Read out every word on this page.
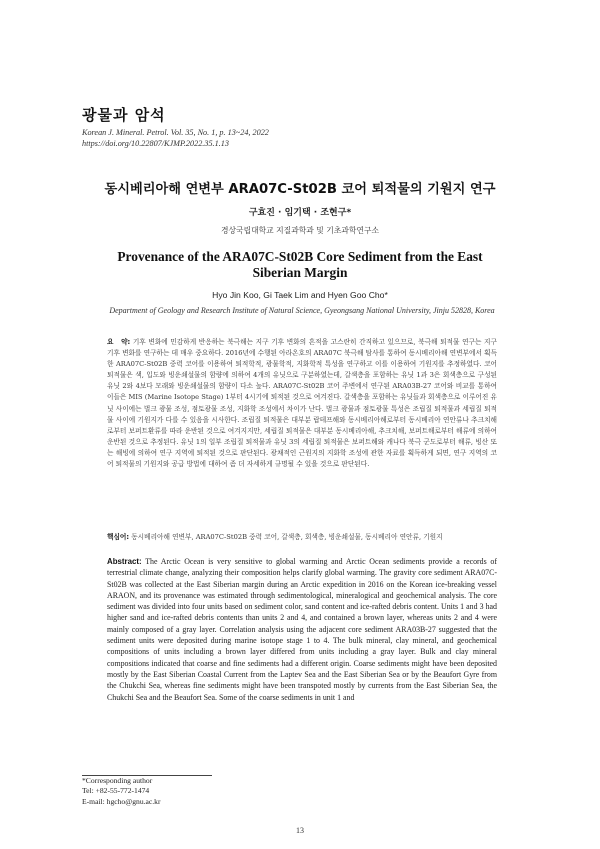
광물과 암석
Korean J. Mineral. Petrol. Vol. 35, No. 1, p. 13~24, 2022
https://doi.org/10.22807/KJMP.2022.35.1.13
동시베리아해 연변부 ARA07C-St02B 코어 퇴적물의 기원지 연구
구효진 · 임기택 · 조현구*
경상국립대학교 지질과학과 및 기초과학연구소
Provenance of the ARA07C-St02B Core Sediment from the East Siberian Margin
Hyo Jin Koo, Gi Taek Lim and Hyen Goo Cho*
Department of Geology and Research Institute of Natural Science, Gyeongsang National University, Jinju 52828, Korea
요　약: 기후 변화에 민감하게 반응하는 북극해는 지구 기후 변화의 흔적을 고스란히 간직하고 있으므로, 북극해 퇴적물 연구는 지구 기후 변화를 연구하는 데 매우 중요하다. 2016년에 수행된 아라온호의 ARA07C 북극해 탐사를 통하여 동시베리아해 연변부에서 획득한 ARA07C-St02B 중력 코어를 이용하여 퇴적학적, 광물학적, 지화학적 특성을 연구하고 이를 이용하여 기원지를 추정하였다. 코어 퇴적물은 색, 입도와 빙운쇄설물의 함량에 의하여 4개의 유닛으로 구분하였는데, 갈색층을 포함하는 유닛 1과 3은 회색층으로 구성된 유닛 2와 4보다 모래와 빙운쇄설물의 함량이 다소 높다. ARA07C-St02B 코어 주변에서 연구된 ARA03B-27 코어와 비교를 통하여 이들은 MIS (Marine Isotope Stage) 1부터 4시기에 퇴적된 것으로 여겨진다. 갈색층을 포함하는 유닛들과 회색층으로 이루어진 유닛 사이에는 벌크 광물 조성, 점토광물 조성, 지화학 조성에서 차이가 난다. 벌크 광물과 점토광물 특성은 조립질 퇴적물과 세립질 퇴적물 사이에 기원지가 다를 수 있음을 시사한다. 조립질 퇴적물은 대부분 랍테프해와 동시베리아해로부터 동시베리아 연안류나 추크치해로부터 보퍼트환류를 따라 운반된 것으로 여겨지지만, 세립질 퇴적물은 대부분 동시베리아해, 추크치해, 보퍼트해로부터 해류에 의하여 운반된 것으로 추정된다. 유닛 1의 일부 조립질 퇴적물과 유닛 3의 세립질 퇴적물은 보퍼트해와 캐나다 북극 군도로부터 해류, 빙산 또는 해빙에 의하여 연구 지역에 퇴적된 것으로 판단된다. 광채적인 근원지의 지화학 조성에 관한 자료를 획득하게 되면, 연구 지역의 코어 퇴적물의 기원지와 공급 방법에 대하여 좀 더 자세하게 규명될 수 있을 것으로 판단된다.
핵심어: 동시베리아해 연변부, ARA07C-St02B 중력 코어, 갈색층, 회색층, 빙운쇄설물, 동시베리아 연안류, 기원지
Abstract: The Arctic Ocean is very sensitive to global warming and Arctic Ocean sediments provide a records of terrestrial climate change, analyzing their composition helps clarify global warming. The gravity core sediment ARA07C-St02B was collected at the East Siberian margin during an Arctic expedition in 2016 on the Korean ice-breaking vessel ARAON, and its provenance was estimated through sedimentological, mineralogical and geochemical analysis. The core sediment was divided into four units based on sediment color, sand content and ice-rafted debris content. Units 1 and 3 had higher sand and ice-rafted debris contents than units 2 and 4, and contained a brown layer, whereas units 2 and 4 were mainly composed of a gray layer. Correlation analysis using the adjacent core sediment ARA03B-27 suggested that the sediment units were deposited during marine isotope stage 1 to 4. The bulk mineral, clay mineral, and geochemical compositions of units including a brown layer differed from units including a gray layer. Bulk and clay mineral compositions indicated that coarse and fine sediments had a different origin. Coarse sediments might have been deposited mostly by the East Siberian Coastal Current from the Laptev Sea and the East Siberian Sea or by the Beaufort Gyre from the Chukchi Sea, whereas fine sediments might have been transpoted mostly by currents from the East Siberian Sea, the Chukchi Sea and the Beaufort Sea. Some of the coarse sediments in unit 1 and
*Corresponding author
Tel: +82-55-772-1474
E-mail: hgcho@gnu.ac.kr
13
